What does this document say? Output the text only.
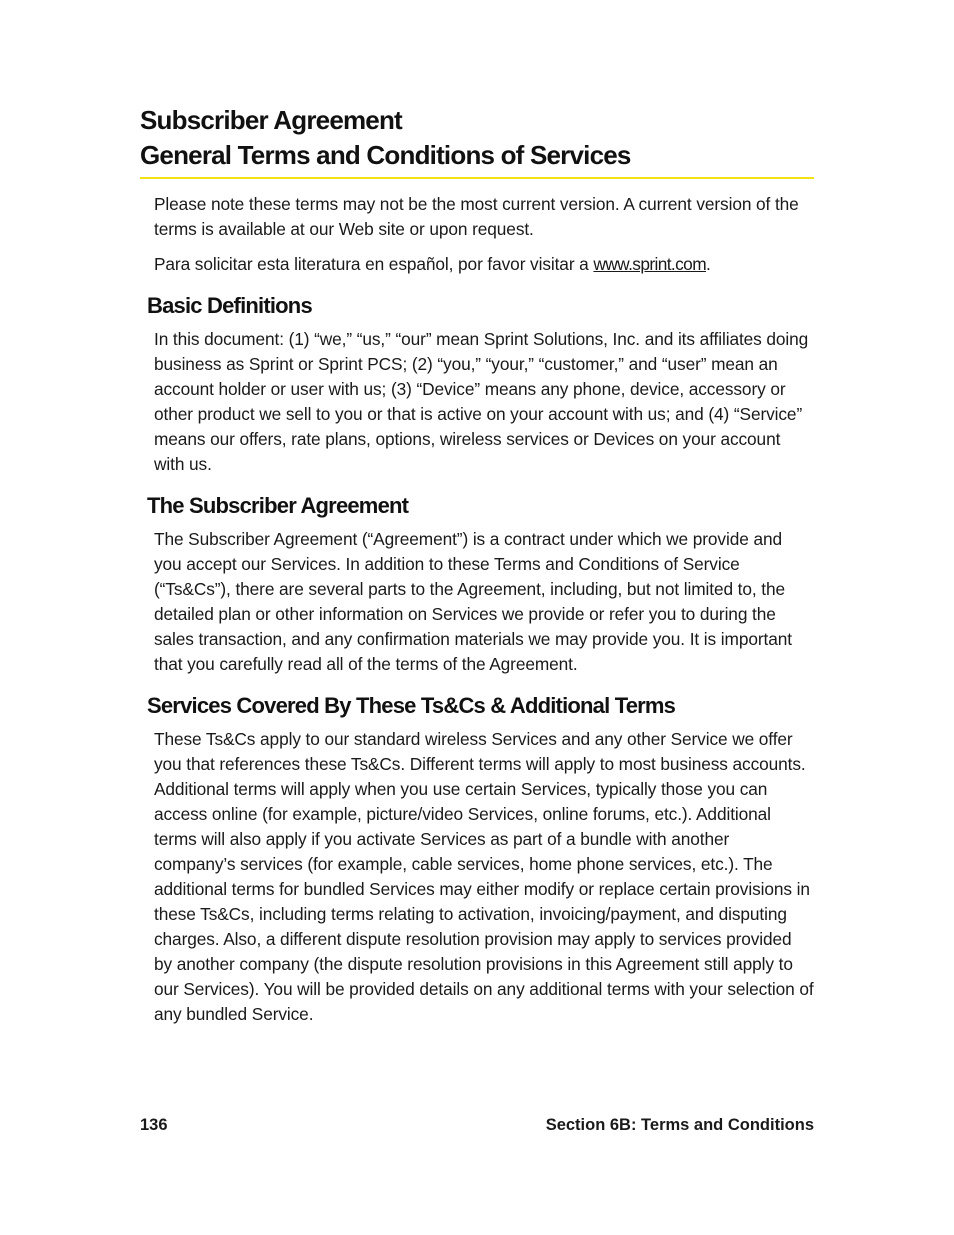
Subscriber Agreement
General Terms and Conditions of Services

Please note these terms may not be the most current version. A current version of the terms is available at our Web site or upon request.

Para solicitar esta literatura en español, por favor visitar a www.sprint.com.

Basic Definitions

In this document: (1) “we,” “us,” “our” mean Sprint Solutions, Inc. and its affiliates doing business as Sprint or Sprint PCS; (2) “you,” “your,” “customer,” and “user” mean an account holder or user with us; (3) “Device” means any phone, device, accessory or other product we sell to you or that is active on your account with us; and (4) “Service” means our offers, rate plans, options, wireless services or Devices on your account with us.

The Subscriber Agreement

The Subscriber Agreement (“Agreement”) is a contract under which we provide and you accept our Services. In addition to these Terms and Conditions of Service (“Ts&Cs”), there are several parts to the Agreement, including, but not limited to, the detailed plan or other information on Services we provide or refer you to during the sales transaction, and any confirmation materials we may provide you. It is important that you carefully read all of the terms of the Agreement.

Services Covered By These Ts&Cs & Additional Terms

These Ts&Cs apply to our standard wireless Services and any other Service we offer you that references these Ts&Cs. Different terms will apply to most business accounts. Additional terms will apply when you use certain Services, typically those you can access online (for example, picture/video Services, online forums, etc.). Additional terms will also apply if you activate Services as part of a bundle with another company’s services (for example, cable services, home phone services, etc.). The additional terms for bundled Services may either modify or replace certain provisions in these Ts&Cs, including terms relating to activation, invoicing/payment, and disputing charges. Also, a different dispute resolution provision may apply to services provided by another company (the dispute resolution provisions in this Agreement still apply to our Services). You will be provided details on any additional terms with your selection of any bundled Service.

136	Section 6B: Terms and Conditions
